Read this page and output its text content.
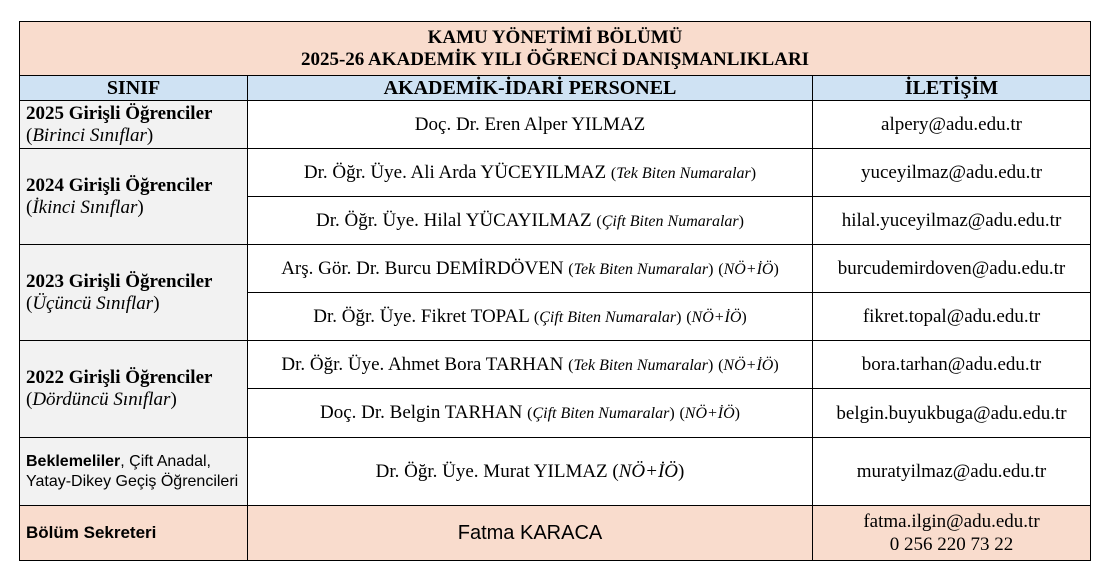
KAMU YÖNETİMİ BÖLÜMÜ
2025-26 AKADEMİK YILI ÖĞRENCİ DANIŞMANLIKLARI		

SINIF	AKADEMİK-İDARİ PERSONEL	İLETİŞİM
2025 Girişli Öğrenciler
(Birinci Sınıflar)	Doç. Dr. Eren Alper YILMAZ	alpery@adu.edu.tr
2024 Girişli Öğrenciler
(İkinci Sınıflar)	Dr. Öğr. Üye. Ali Arda YÜCEYILMAZ (Tek Biten Numaralar)	yuceyilmaz@adu.edu.tr
	Dr. Öğr. Üye. Hilal YÜCAYILMAZ (Çift Biten Numaralar)	hilal.yuceyilmaz@adu.edu.tr
2023 Girişli Öğrenciler
(Üçüncü Sınıflar)	Arş. Gör. Dr. Burcu DEMİRDÖVEN (Tek Biten Numaralar) (NÖ+İÖ)	burcudemirdoven@adu.edu.tr
	Dr. Öğr. Üye. Fikret TOPAL (Çift Biten Numaralar) (NÖ+İÖ)	fikret.topal@adu.edu.tr
2022 Girişli Öğrenciler
(Dördüncü Sınıflar)	Dr. Öğr. Üye. Ahmet Bora TARHAN (Tek Biten Numaralar) (NÖ+İÖ)	bora.tarhan@adu.edu.tr
	Doç. Dr. Belgin TARHAN (Çift Biten Numaralar) (NÖ+İÖ)	belgin.buyukbuga@adu.edu.tr
Beklemeliler, Çift Anadal, Yatay-Dikey Geçiş Öğrencileri	Dr. Öğr. Üye. Murat YILMAZ (NÖ+İÖ)	muratyilmaz@adu.edu.tr
Bölüm Sekreteri	Fatma KARACA	fatma.ilgin@adu.edu.tr
0 256 220 73 22
